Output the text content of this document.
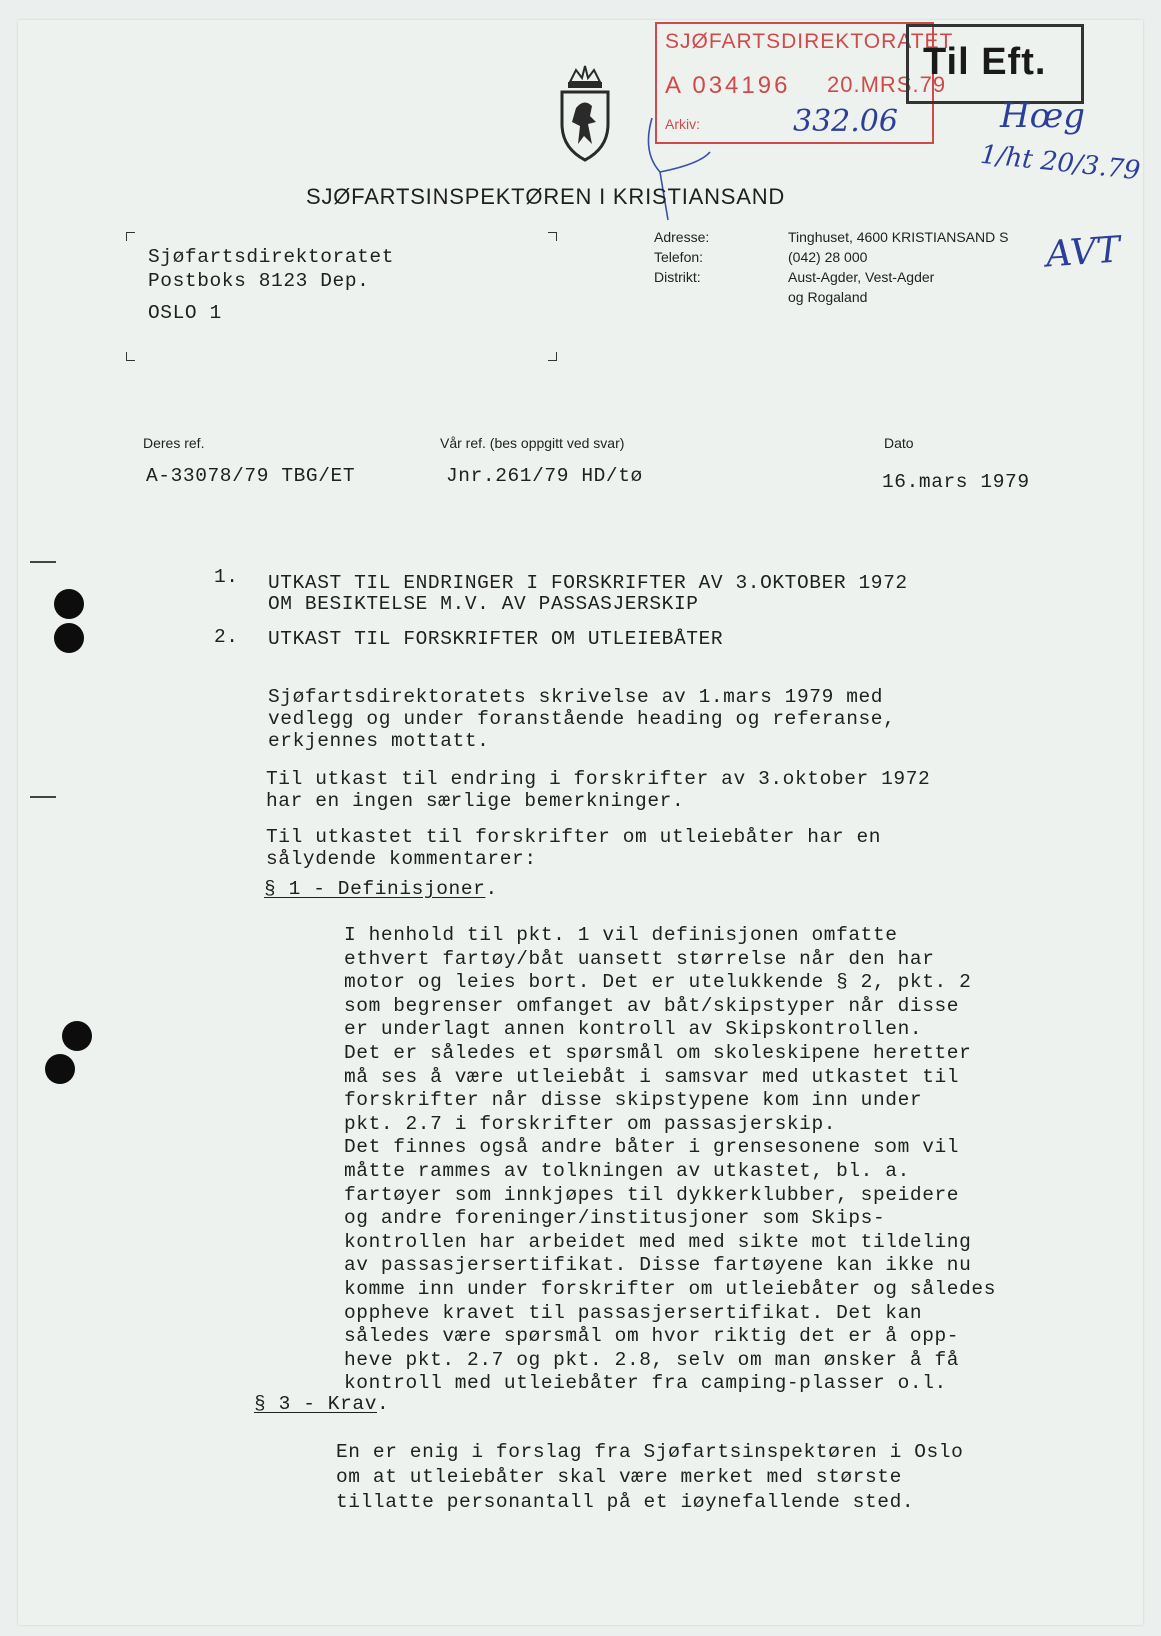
SJØFARTSDIREKTORATET
A 034196 20.MRS.79
Arkiv:	332.06
Til Eft.
Hœg
1/ht 20/3.79
AVT
SJØFARTSINSPEKTØREN I KRISTIANSAND
Sjøfartsdirektoratet
Postboks 8123 Dep.
OSLO 1
Adresse:	Tinghuset, 4600 KRISTIANSAND S
Telefon:	(042) 28 000
Distrikt:	Aust-Agder, Vest-Agder
og Rogaland
Deres ref.
A-33078/79 TBG/ET
Vår ref. (bes oppgitt ved svar)
Jnr.261/79 HD/tø
Dato
16.mars 1979
1. UTKAST TIL ENDRINGER I FORSKRIFTER AV 3.OKTOBER 1972
OM BESIKTELSE M.V. AV PASSASJERSKIP
2. UTKAST TIL FORSKRIFTER OM UTLEIEBÅTER
Sjøfartsdirektoratets skrivelse av 1.mars 1979 med
vedlegg og under foranstående heading og referanse,
erkjennes mottatt.
Til utkast til endring i forskrifter av 3.oktober 1972
har en ingen særlige bemerkninger.
Til utkastet til forskrifter om utleiebåter har en
sålydende kommentarer:
§ 1 - Definisjoner.
I henhold til pkt. 1 vil definisjonen omfatte
ethvert fartøy/båt uansett størrelse når den har
motor og leies bort. Det er utelukkende § 2, pkt. 2
som begrenser omfanget av båt/skipstyper når disse
er underlagt annen kontroll av Skipskontrollen.
Det er således et spørsmål om skoleskipene heretter
må ses å være utleiebåt i samsvar med utkastet til
forskrifter når disse skipstypene kom inn under
pkt. 2.7 i forskrifter om passasjerskip.
Det finnes også andre båter i grensesonene som vil
måtte rammes av tolkningen av utkastet, bl. a.
fartøyer som innkjøpes til dykkerklubber, speidere
og andre foreninger/institusjoner som Skips-
kontrollen har arbeidet med med sikte mot tildeling
av passasjersertifikat. Disse fartøyene kan ikke nu
komme inn under forskrifter om utleiebåter og således
oppheve kravet til passasjersertifikat. Det kan
således være spørsmål om hvor riktig det er å opp-
heve pkt. 2.7 og pkt. 2.8, selv om man ønsker å få
kontroll med utleiebåter fra camping-plasser o.l.
§ 3 - Krav.
En er enig i forslag fra Sjøfartsinspektøren i Oslo
om at utleiebåter skal være merket med største
tillatte personantall på et iøynefallende sted.
